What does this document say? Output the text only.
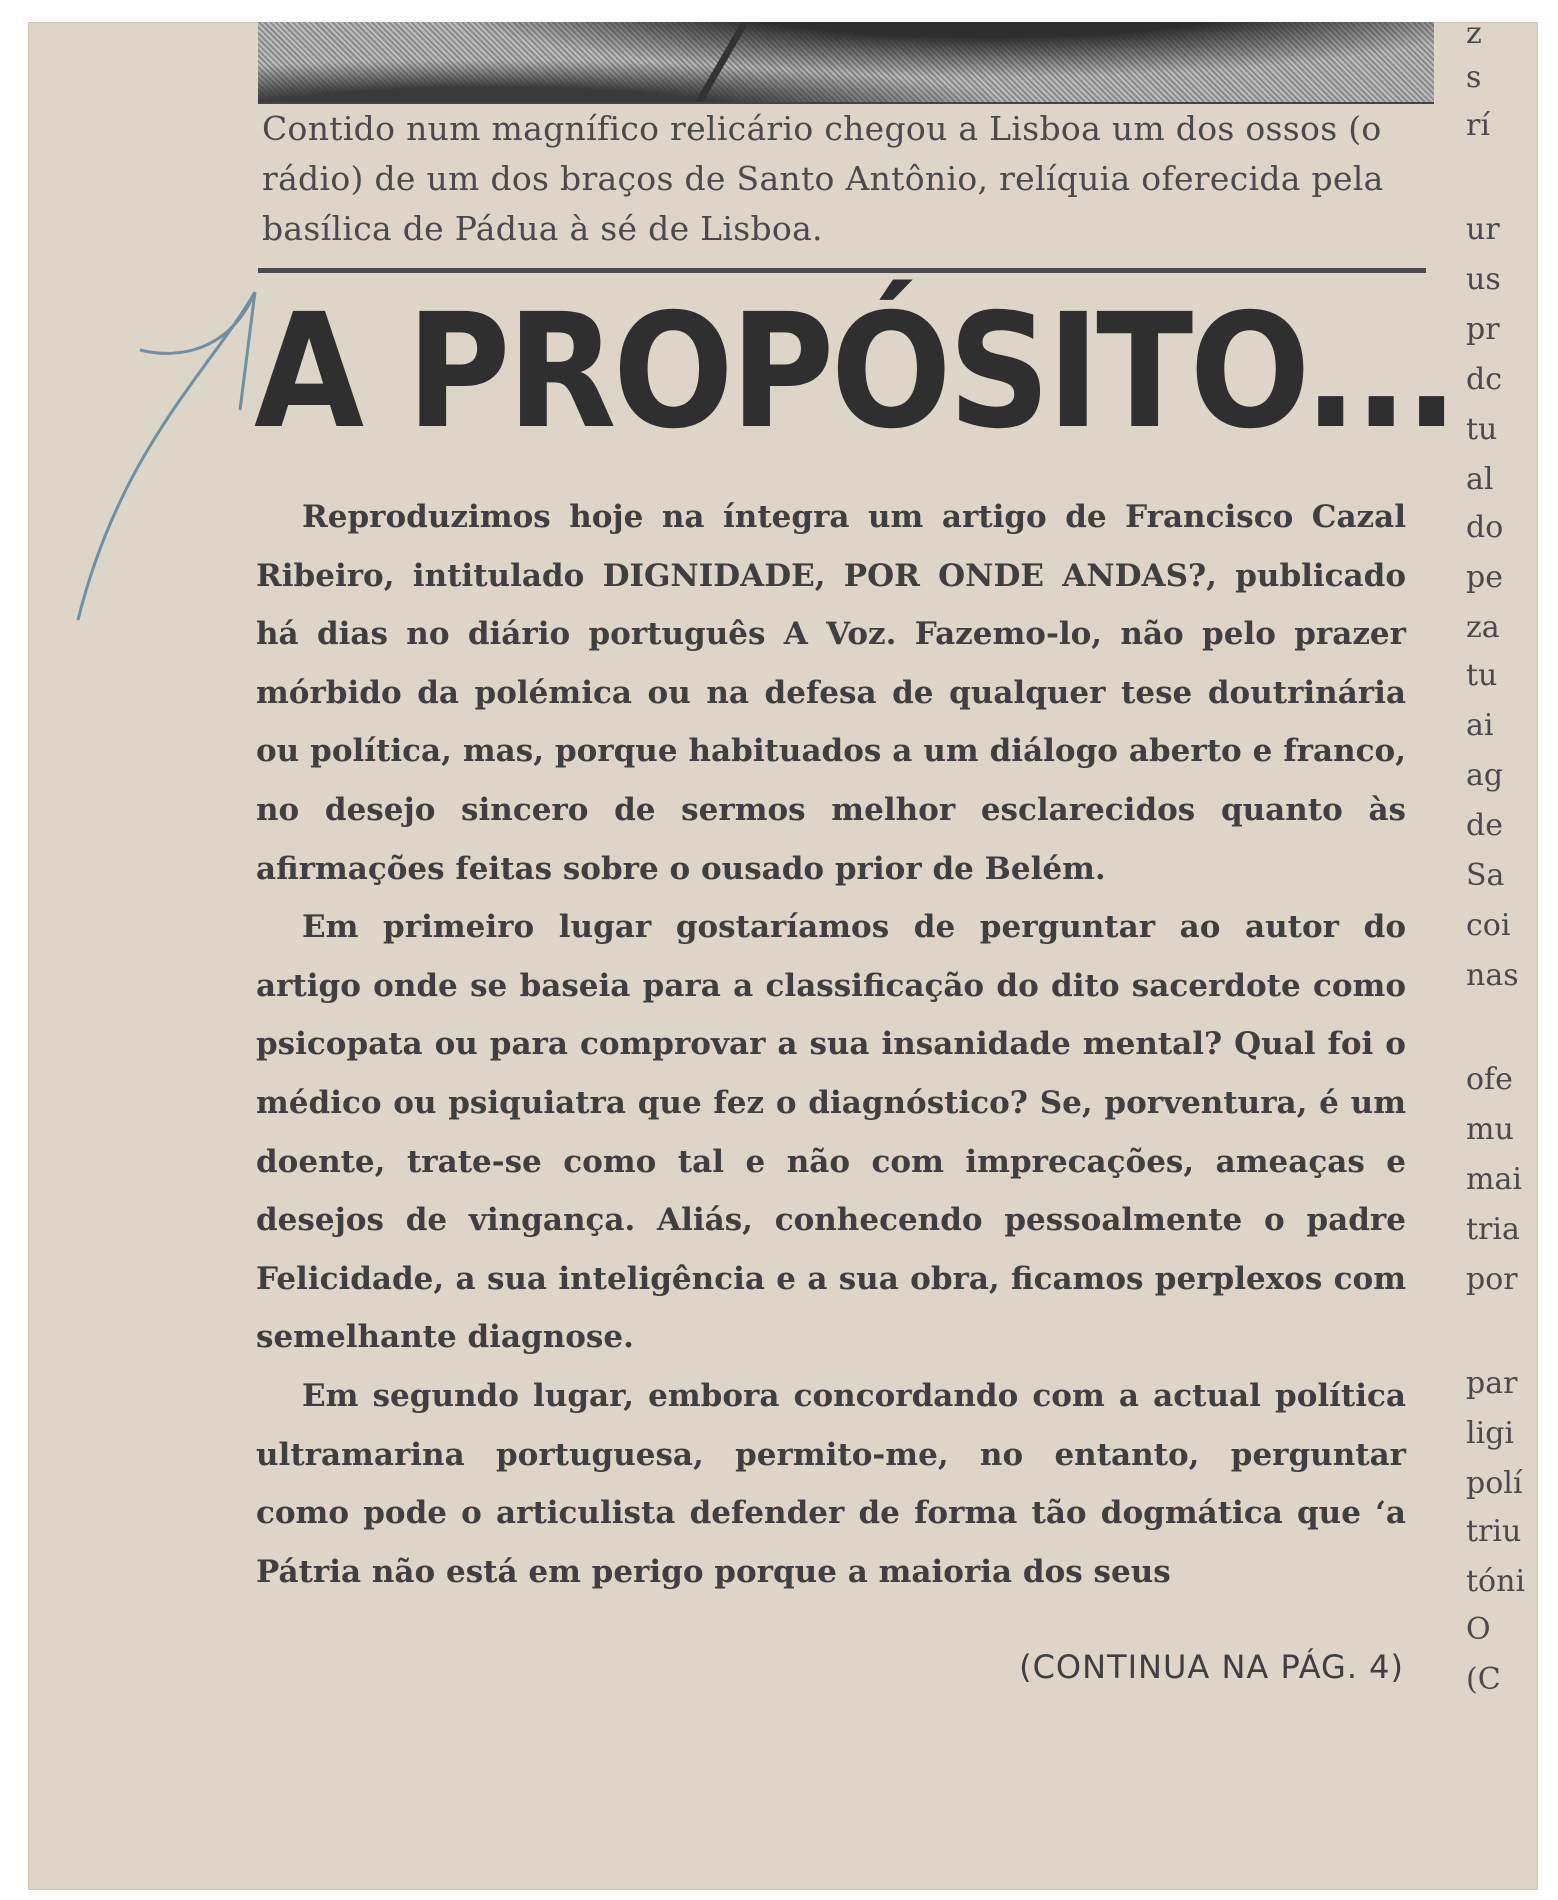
Contido num magnífico relicário chegou a Lisboa um dos ossos (o rádio) de um dos braços de Santo Antônio, relíquia oferecida pela basílica de Pádua à sé de Lisboa.
A PROPÓSITO...

Reproduzimos hoje na íntegra um artigo de Francisco Cazal Ribeiro, intitulado DIGNIDADE, POR ONDE ANDAS?, publicado há dias no diário português A Voz. Fazemo-lo, não pelo prazer mórbido da polémica ou na defesa de qualquer tese doutrinária ou política, mas, porque habituados a um diálogo aberto e franco, no desejo sincero de sermos melhor esclarecidos quanto às afirmações feitas sobre o ousado prior de Belém.

Em primeiro lugar gostaríamos de perguntar ao autor do artigo onde se baseia para a classificação do dito sacerdote como psicopata ou para comprovar a sua insanidade mental? Qual foi o médico ou psiquiatra que fez o diagnóstico? Se, porventura, é um doente, trate-se como tal e não com imprecações, ameaças e desejos de vingança. Aliás, conhecendo pessoalmente o padre Felicidade, a sua inteligência e a sua obra, ficamos perplexos com semelhante diagnose.

Em segundo lugar, embora concordando com a actual política ultramarina portuguesa, permito-me, no entanto, perguntar como pode o articulista defender de forma tão dogmática que ‘a Pátria não está em perigo porque a maioria dos seus

(CONTINUA NA PÁG. 4)
z
s
rí
ur
us
pr
dc
tu
al
do
pe
za
tu
ai
ag
de
Sa
coi
nas
ofe
mu
mai
tria
por
par
ligi
polí
triu
tóni
O
(C
